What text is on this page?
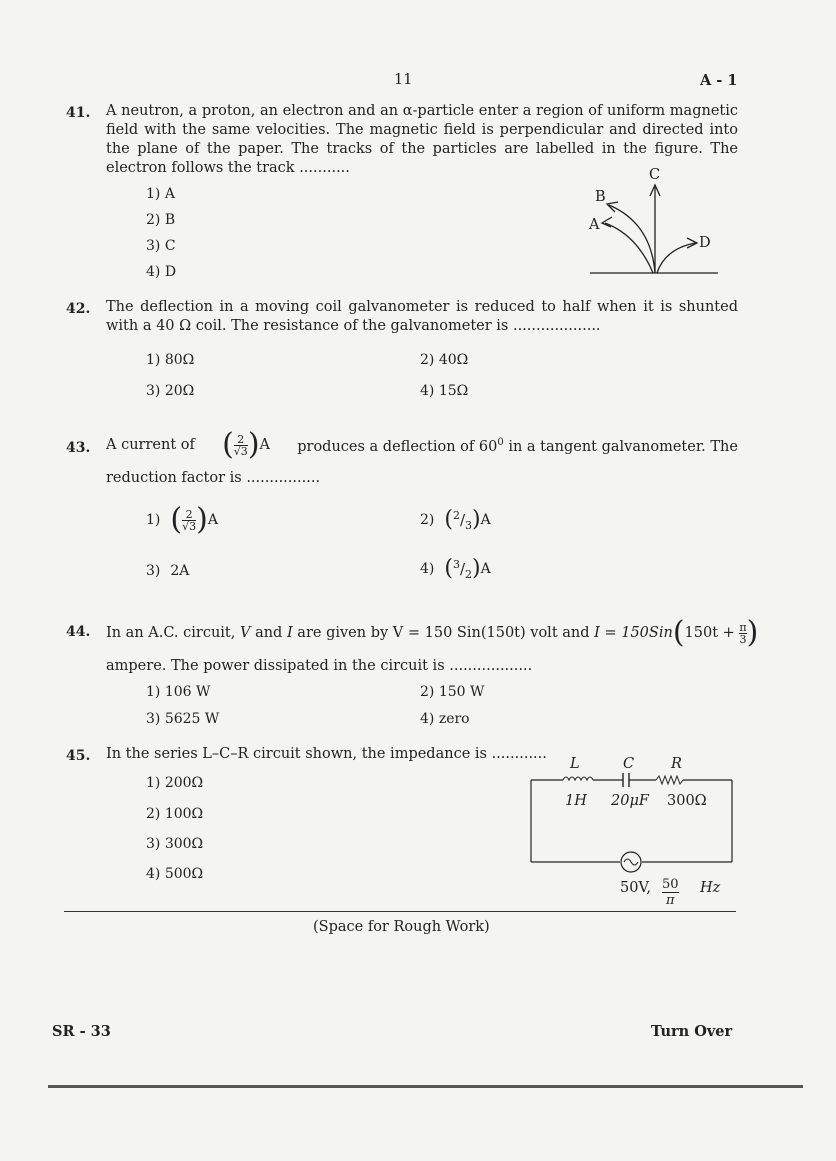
11	A - 1
41. A neutron, a proton, an electron and an α-particle enter a region of uniform magnetic field with the same velocities. The magnetic field is perpendicular and directed into the plane of the paper. The tracks of the particles are labelled in the figure. The electron follows the track ...........
1) A
2) B
3) C
4) D
C
B
A
D
42. The deflection in a moving coil galvanometer is reduced to half when it is shunted with a 40 Ω coil. The resistance of the galvanometer is ...................
1) 80Ω	2) 40Ω
3) 20Ω	4) 15Ω
43. A current of ( $\frac{2}{√3} )A$ produces a deflection of $60^0$ in a tangent galvanometer. The
reduction factor is ................
1) ( $\frac{2}{√3}$ ) A	2) ( $^2/_3$ ) A
3) 2A	4) ( $^3/_2$ ) A
44. In an A.C. circuit,
V
and
I
are given by
V = 150 Sin(150t) volt and
I = 150Sin ( 150t +
$\frac{\pi}{3}$ )
ampere. The power dissipated in the circuit is ..................
1) 106 W	2) 150 W
3) 5625 W	4) zero
45. In the series L–C–R circuit shown, the impedance is ............
1) 200Ω
2) 100Ω
3) 300Ω
4) 500Ω
L	C	R
1H 20μF 300Ω
50V, $\frac{50}{\pi}$ Hz
(Space for Rough Work)
SR - 33	Turn Over
